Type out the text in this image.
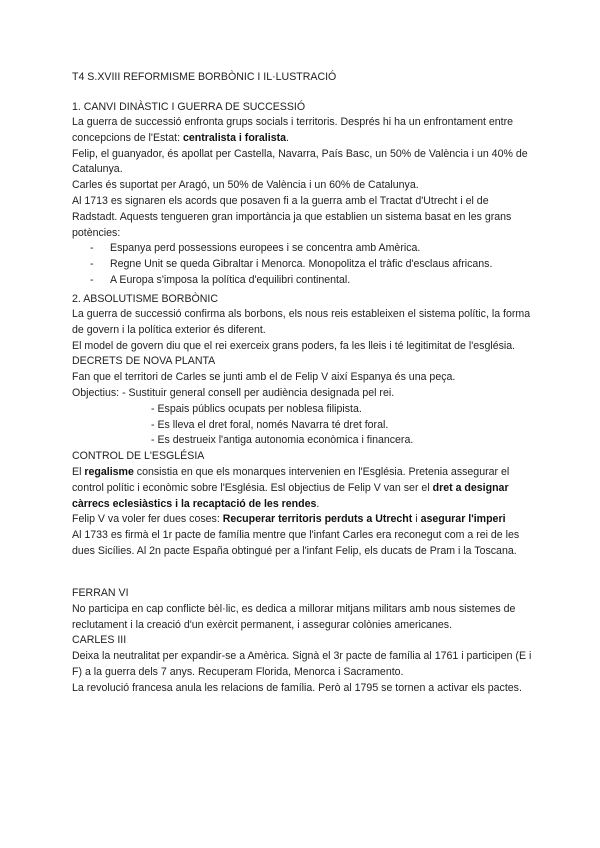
T4 S.XVIII REFORMISME BORBÒNIC I IL·LUSTRACIÓ
1. CANVI DINÀSTIC I GUERRA DE SUCCESSIÓ

La guerra de successió enfronta grups socials i territoris. Després hi ha un enfrontament entre concepcions de l'Estat: centralista i foralista.

Felip, el guanyador, és apollat per Castella, Navarra, País Basc, un 50% de València i un 40% de Catalunya.

Carles és suportat per Aragó, un 50% de València i un 60% de Catalunya.

Al 1713 es signaren els acords que posaven fi a la guerra amb el Tractat d'Utrecht i el de Radstadt. Aquests tengueren gran importància ja que establien un sistema basat en les grans potències:

- Espanya perd possessions europees i se concentra amb Amèrica.
- Regne Unit se queda Gibraltar i Menorca. Monopolitza el tràfic d'esclaus africans.
- A Europa s'imposa la política d'equilibri continental.
2. ABSOLUTISME BORBÒNIC

La guerra de successió confirma als borbons, els nous reis estableixen el sistema polític, la forma de govern i la política exterior és diferent.

El model de govern diu que el rei exerceix grans poders, fa les lleis i té legitimitat de l'església.

DECRETS DE NOVA PLANTA

Fan que el territori de Carles se junti amb el de Felip V així Espanya és una peça.

Objectius: - Sustituir general consell per audiència designada pel rei.

- Espais públics ocupats per noblesa filipista.

- Es lleva el dret foral, només Navarra té dret foral.

- Es destrueix l'antiga autonomia econòmica i financera.

CONTROL DE L'ESGLÉSIA

El regalisme consistia en que els monarques intervenien en l'Església. Pretenia assegurar el control polític i econòmic sobre l'Església. Esl objectius de Felip V van ser el dret a designar càrrecs eclesiàstics i la recaptació de les rendes.

Felip V va voler fer dues coses: Recuperar territoris perduts a Utrecht i asegurar l'imperi

Al 1733 es firmà el 1r pacte de família mentre que l'infant Carles era reconegut com a rei de les dues Sicílies. Al 2n pacte España obtingué per a l'infant Felip, els ducats de Pram i la Toscana.

FERRAN VI

No participa en cap conflicte bèl·lic, es dedica a millorar mitjans militars amb nous sistemes de reclutament i la creació d'un exèrcit permanent, i assegurar colònies americanes.

CARLES III

Deixa la neutralitat per expandir-se a Amèrica. Signà el 3r pacte de família al 1761 i participen (E i F) a la guerra dels 7 anys. Recuperam Florida, Menorca i Sacramento.

La revolució francesa anula les relacions de família. Però al 1795 se tornen a activar els pactes.
